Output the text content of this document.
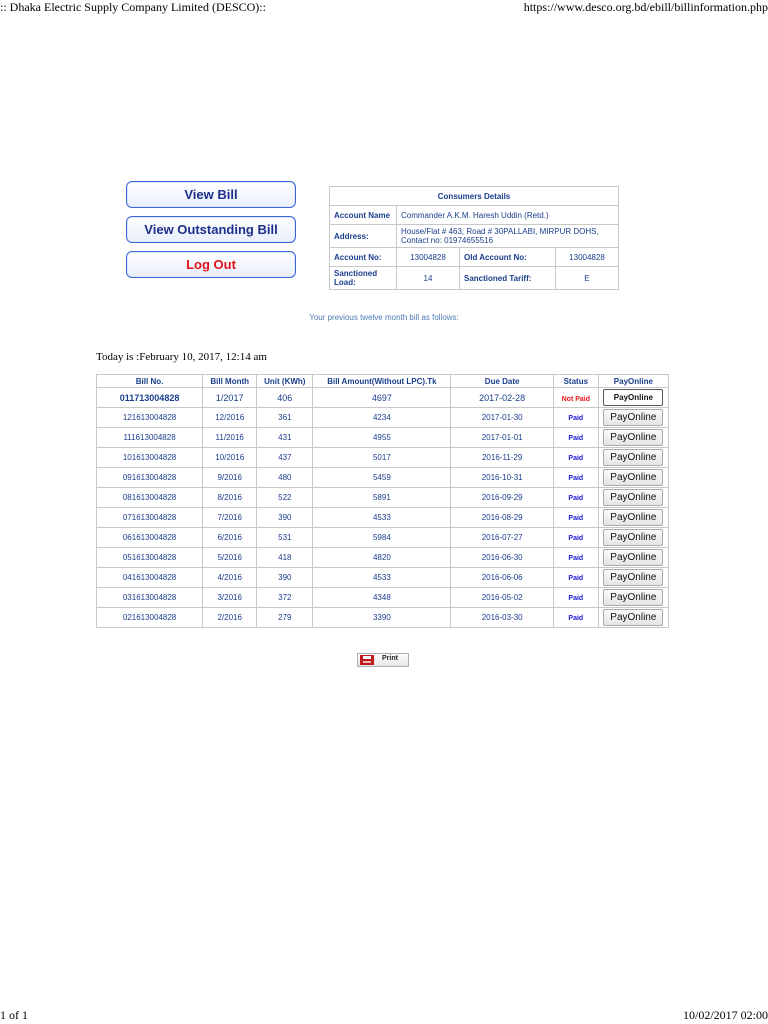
:: Dhaka Electric Supply Company Limited (DESCO)::	https://www.desco.org.bd/ebill/billinformation.php
View Bill
View Outstanding Bill
Log Out
Consumers Details			
Account Name	Commander A.K.M. Haresh Uddin (Retd.)		
Address:	House/Flat # 463, Road # 30PALLABI, MIRPUR DOHS, Contact no: 01974655516		
Account No:	13004828	Old Account No:	13004828
Sanctioned Load:	14	Sanctioned Tariff:	E
Your previous twelve month bill as follows:
Today is :February 10, 2017, 12:14 am
Bill No.	Bill Month	Unit (KWh)	Bill Amount(Without LPC).Tk	Due Date	Status	PayOnline
011713004828	1/2017	406	4697	2017-02-28	Not Paid	PayOnline
121613004828	12/2016	361	4234	2017-01-30	Paid	PayOnline
111613004828	11/2016	431	4955	2017-01-01	Paid	PayOnline
101613004828	10/2016	437	5017	2016-11-29	Paid	PayOnline
091613004828	9/2016	480	5459	2016-10-31	Paid	PayOnline
081613004828	8/2016	522	5891	2016-09-29	Paid	PayOnline
071613004828	7/2016	390	4533	2016-08-29	Paid	PayOnline
061613004828	6/2016	531	5984	2016-07-27	Paid	PayOnline
051613004828	5/2016	418	4820	2016-06-30	Paid	PayOnline
041613004828	4/2016	390	4533	2016-06-06	Paid	PayOnline
031613004828	3/2016	372	4348	2016-05-02	Paid	PayOnline
021613004828	2/2016	279	3390	2016-03-30	Paid	PayOnline
Print
1 of 1	10/02/2017 02:00
